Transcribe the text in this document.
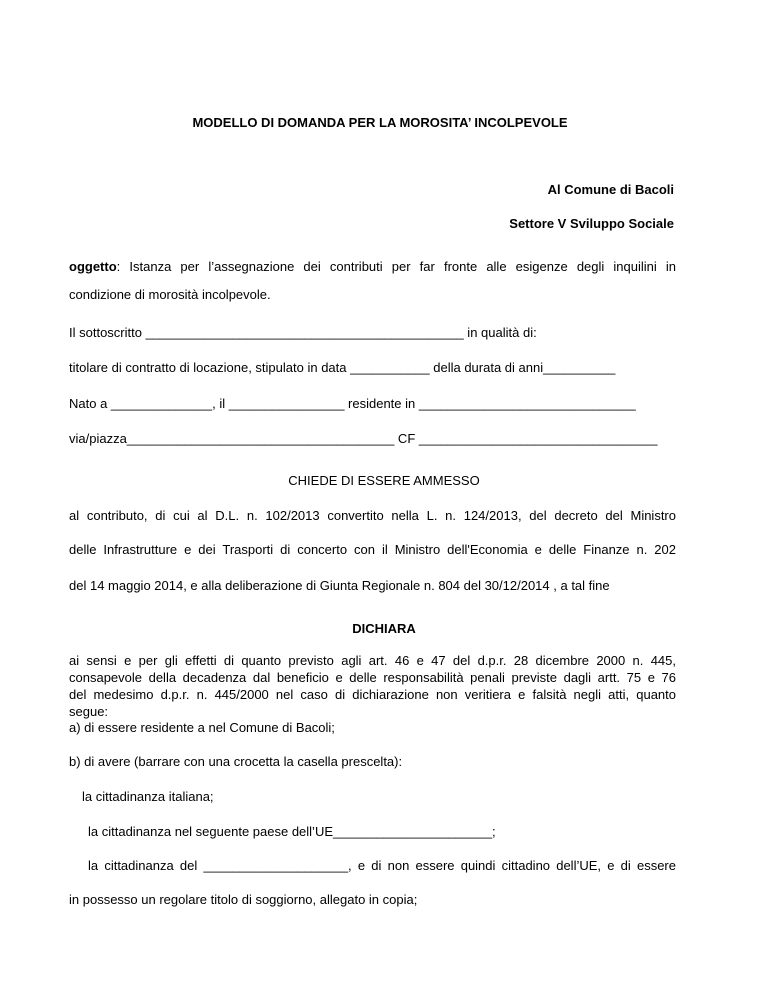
MODELLO DI DOMANDA PER LA MOROSITA’ INCOLPEVOLE
Al Comune di Bacoli
Settore V Sviluppo Sociale
oggetto: Istanza per l’assegnazione dei contributi per far fronte alle esigenze degli inquilini in
condizione di morosità incolpevole.
Il sottoscritto ____________________________________________ in qualità di:
titolare di contratto di locazione, stipulato in data ___________ della durata di anni__________
Nato a ______________, il ________________ residente in ______________________________
via/piazza_____________________________________ CF _________________________________
CHIEDE DI ESSERE AMMESSO
al contributo, di cui al D.L. n. 102/2013 convertito nella L. n. 124/2013, del decreto del Ministro
delle Infrastrutture e dei Trasporti di concerto con il Ministro dell'Economia e delle Finanze n. 202
del 14 maggio 2014, e alla deliberazione di Giunta Regionale n. 804 del 30/12/2014 , a tal fine
DICHIARA
ai sensi e per gli effetti di quanto previsto agli art. 46 e 47 del d.p.r. 28 dicembre 2000 n. 445,
consapevole della decadenza dal beneficio e delle responsabilità penali previste dagli artt. 75 e 76
del medesimo d.p.r. n. 445/2000 nel caso di dichiarazione non veritiera e falsità negli atti, quanto
segue:
a) di essere residente a nel Comune di Bacoli;
b) di avere (barrare con una crocetta la casella prescelta):
la cittadinanza italiana;
la cittadinanza nel seguente paese dell’UE______________________;
la cittadinanza del ____________________, e di non essere quindi cittadino dell’UE, e di essere
in possesso un regolare titolo di soggiorno, allegato in copia;
